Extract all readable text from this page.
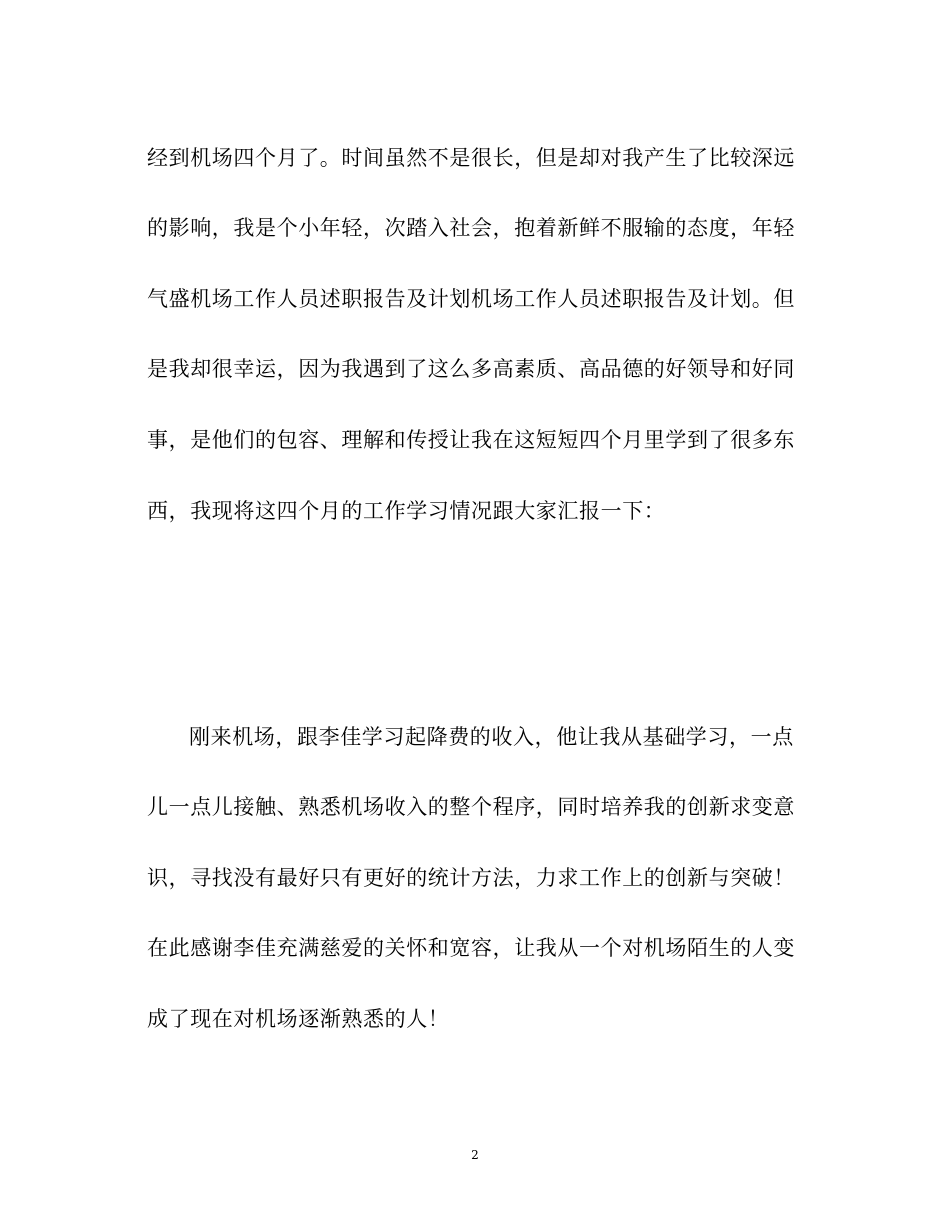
经到机场四个月了。时间虽然不是很长，但是却对我产生了比较深远
的影响，我是个小年轻，次踏入社会，抱着新鲜不服输的态度，年轻
气盛机场工作人员述职报告及计划机场工作人员述职报告及计划。但
是我却很幸运，因为我遇到了这么多高素质、高品德的好领导和好同
事，是他们的包容、理解和传授让我在这短短四个月里学到了很多东
西，我现将这四个月的工作学习情况跟大家汇报一下：
刚来机场，跟李佳学习起降费的收入，他让我从基础学习，一点
儿一点儿接触、熟悉机场收入的整个程序，同时培养我的创新求变意
识，寻找没有最好只有更好的统计方法，力求工作上的创新与突破！
在此感谢李佳充满慈爱的关怀和宽容，让我从一个对机场陌生的人变
成了现在对机场逐渐熟悉的人！
2
